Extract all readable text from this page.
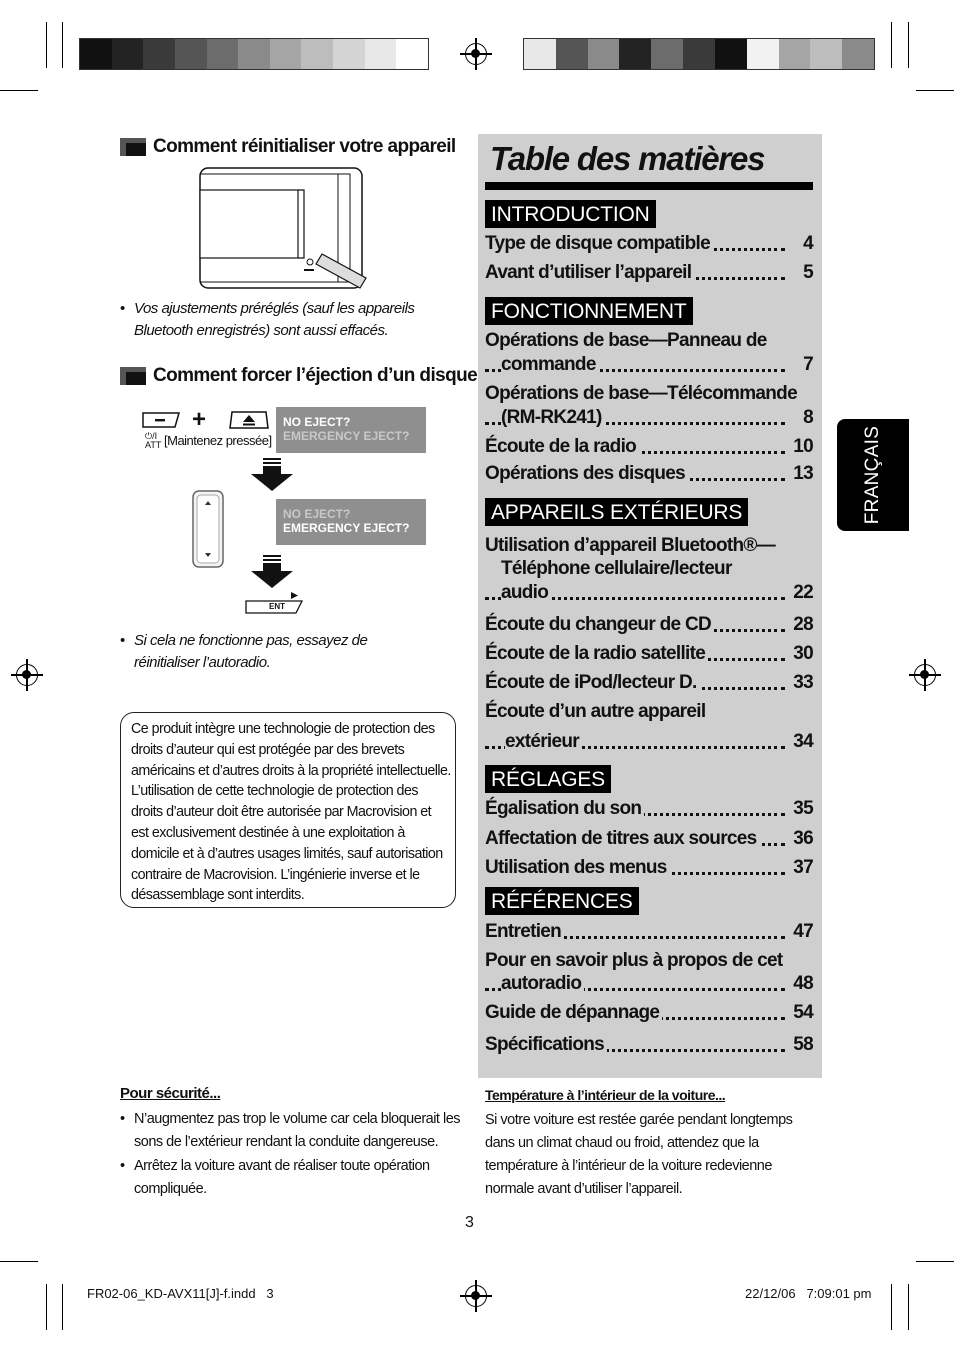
Comment réinitialiser votre appareil
• Vos ajustements préréglés (sauf les appareils Bluetooth enregistrés) sont aussi effacés.
Comment forcer l’éjection d’un disque
+
⏻/I
ATT [Maintenez pressée]
NO EJECT?
EMERGENCY EJECT?
NO EJECT?
EMERGENCY EJECT?
ENT
• Si cela ne fonctionne pas, essayez de réinitialiser l’autoradio.
Ce produit intègre une technologie de protection des droits d’auteur qui est protégée par des brevets américains et d’autres droits à la propriété intellectuelle. L’utilisation de cette technologie de protection des droits d’auteur doit être autorisée par Macrovision et est exclusivement destinée à une exploitation à domicile et à d’autres usages limités, sauf autorisation contraire de Macrovision. L’ingénierie inverse et le désassemblage sont interdits.
Pour sécurité...
• N’augmentez pas trop le volume car cela bloquerait les sons de l’extérieur rendant la conduite dangereuse.
• Arrêtez la voiture avant de réaliser toute opération compliquée.
Table des matières
INTRODUCTION
Type de disque compatible	4
Avant d’utiliser l’appareil	5
FONCTIONNEMENT
Opérations de base—Panneau de
commande	7
Opérations de base—Télécommande
(RM-RK241)	8
Écoute de la radio	10
Opérations des disques	13
APPAREILS EXTÉRIEURS
Utilisation d’appareil Bluetooth®—
Téléphone cellulaire/lecteur
audio	22
Écoute du changeur de CD	28
Écoute de la radio satellite	30
Écoute de iPod/lecteur D.	33
Écoute d’un autre appareil
extérieur	34
RÉGLAGES
Égalisation du son	35
Affectation de titres aux sources 36
Utilisation des menus	37
RÉFÉRENCES
Entretien	47
Pour en savoir plus à propos de cet
autoradio	48
Guide de dépannage	54
Spécifications	58
FRANÇAIS
Température à l’intérieur de la voiture...
Si votre voiture est restée garée pendant longtemps dans un climat chaud ou froid, attendez que la température à l’intérieur de la voiture redevienne normale avant d’utiliser l’appareil.
3
FR02-06_KD-AVX11[J]-f.indd   3	22/12/06   7:09:01 pm
